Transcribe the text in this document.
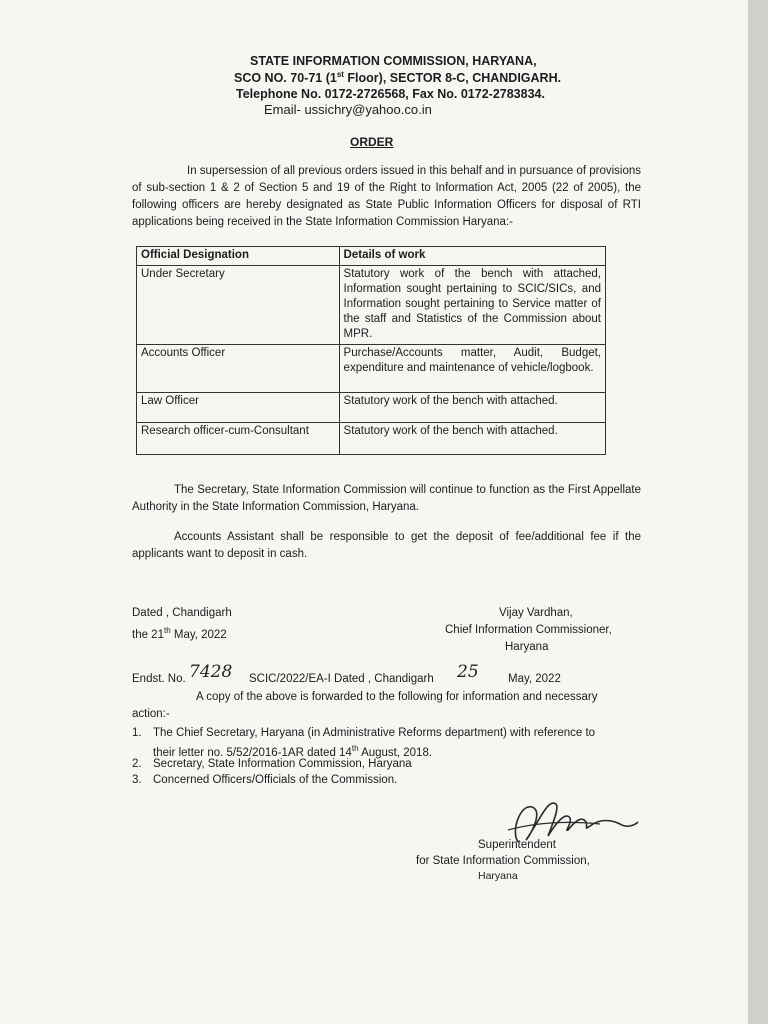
STATE INFORMATION COMMISSION, HARYANA,
SCO NO. 70-71 (1st Floor), SECTOR 8-C, CHANDIGARH.
Telephone No. 0172-2726568, Fax No. 0172-2783834.
Email- ussichry@yahoo.co.in
ORDER
In supersession of all previous orders issued in this behalf and in pursuance of provisions of sub-section 1 & 2 of Section 5 and 19 of the Right to Information Act, 2005 (22 of 2005), the following officers are hereby designated as State Public Information Officers for disposal of RTI applications being received in the State Information Commission Haryana:-
Official Designation	Details of work
Under Secretary	Statutory work of the bench with attached, Information sought pertaining to SCIC/SICs, and Information sought pertaining to Service matter of the staff and Statistics of the Commission about MPR.
Accounts Officer	Purchase/Accounts matter, Audit, Budget, expenditure and maintenance of vehicle/logbook.
Law Officer	Statutory work of the bench with attached.
Research officer-cum-Consultant	Statutory work of the bench with attached.
The Secretary, State Information Commission will continue to function as the First Appellate Authority in the State Information Commission, Haryana.
Accounts Assistant shall be responsible to get the deposit of fee/additional fee if the applicants want to deposit in cash.
Dated , Chandigarh
the 21th May, 2022
Vijay Vardhan,
Chief Information Commissioner,
Haryana
Endst. No. 7428 SCIC/2022/EA-I Dated , Chandigarh 25	May, 2022
A copy of the above is forwarded to the following for information and necessary
action:-
1. The Chief Secretary, Haryana (in Administrative Reforms department) with reference to
their letter no. 5/52/2016-1AR dated 14th August, 2018.
2. Secretary, State Information Commission, Haryana
3. Concerned Officers/Officials of the Commission.
Superintendent
for State Information Commission,
Haryana
